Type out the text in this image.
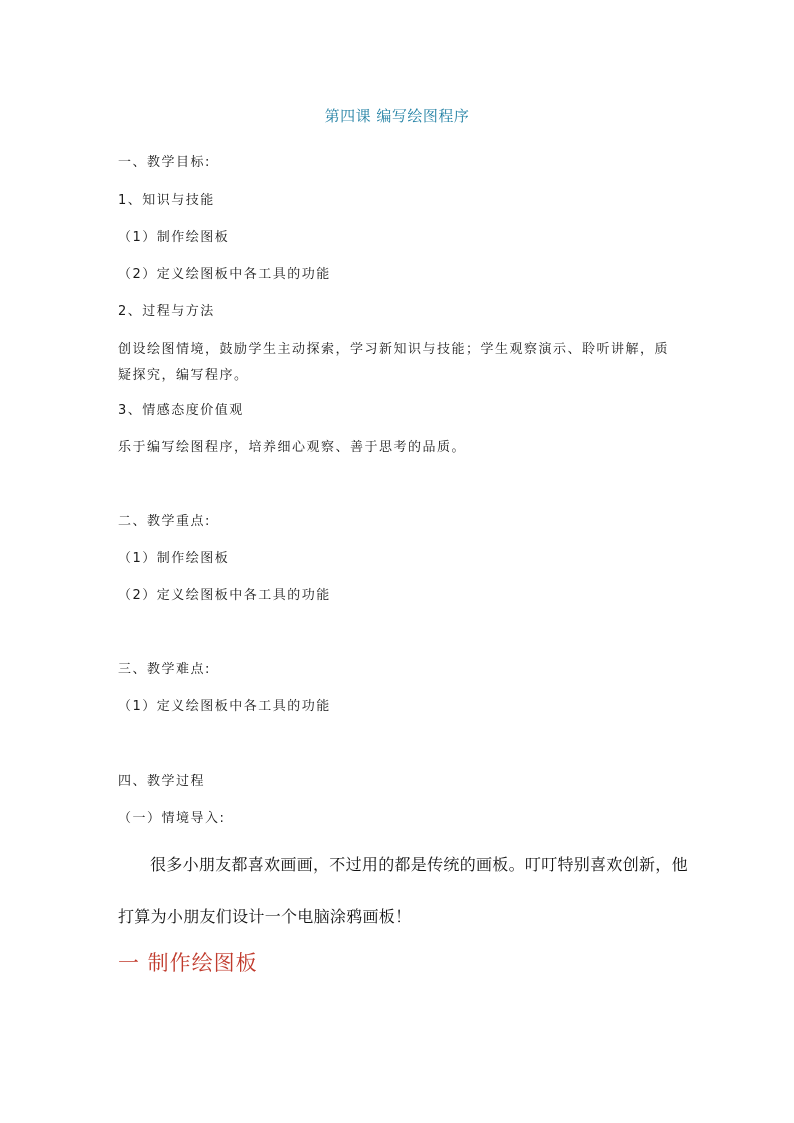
第四课 编写绘图程序

一、教学目标:

1、知识与技能

（1）制作绘图板

（2）定义绘图板中各工具的功能

2、过程与方法

创设绘图情境，鼓励学生主动探索，学习新知识与技能；学生观察演示、聆听讲解，质疑探究，编写程序。

3、情感态度价值观

乐于编写绘图程序，培养细心观察、善于思考的品质。

二、教学重点:

（1）制作绘图板

（2）定义绘图板中各工具的功能

三、教学难点:

（1）定义绘图板中各工具的功能

四、教学过程

（一）情境导入:

很多小朋友都喜欢画画，不过用的都是传统的画板。叮叮特别喜欢创新，他打算为小朋友们设计一个电脑涂鸦画板！

一 制作绘图板
